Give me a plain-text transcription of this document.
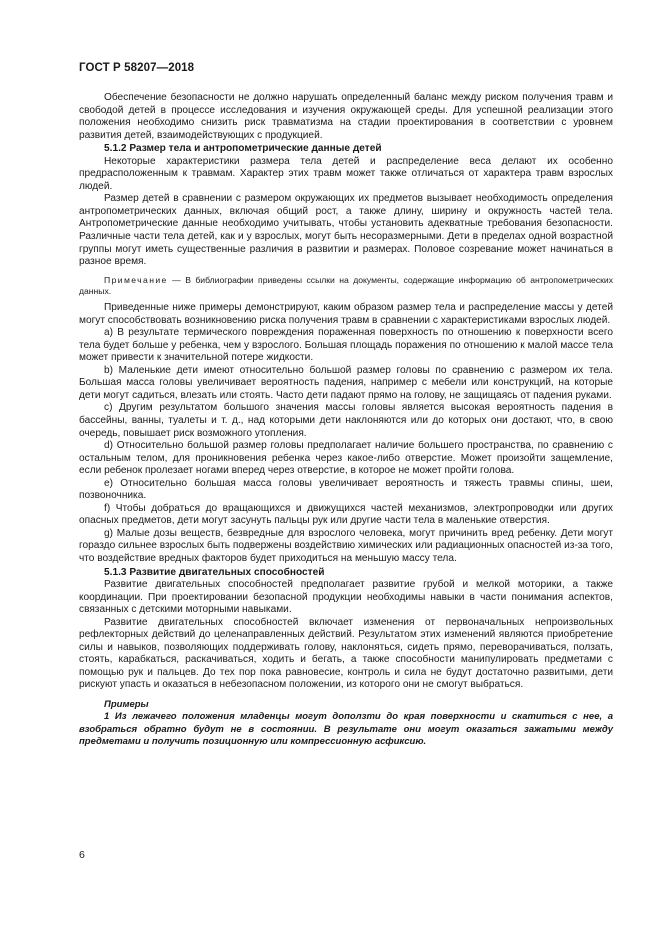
ГОСТ Р 58207—2018

Обеспечение безопасности не должно нарушать определенный баланс между риском получения травм и свободой детей в процессе исследования и изучения окружающей среды. Для успешной реализации этого положения необходимо снизить риск травматизма на стадии проектирования в соответствии с уровнем развития детей, взаимодействующих с продукцией.

5.1.2 Размер тела и антропометрические данные детей

Некоторые характеристики размера тела детей и распределение веса делают их особенно предрасположенным к травмам. Характер этих травм может также отличаться от характера травм взрослых людей.

Размер детей в сравнении с размером окружающих их предметов вызывает необходимость определения антропометрических данных, включая общий рост, а также длину, ширину и окружность частей тела. Антропометрические данные необходимо учитывать, чтобы установить адекватные требования безопасности. Различные части тела детей, как и у взрослых, могут быть несоразмерными. Дети в пределах одной возрастной группы могут иметь существенные различия в развитии и размерах. Половое созревание может начинаться в разное время.

Примечание — В библиографии приведены ссылки на документы, содержащие информацию об антропометрических данных.

Приведенные ниже примеры демонстрируют, каким образом размер тела и распределение массы у детей могут способствовать возникновению риска получения травм в сравнении с характеристиками взрослых людей.

a) В результате термического повреждения пораженная поверхность по отношению к поверхности всего тела будет больше у ребенка, чем у взрослого. Большая площадь поражения по отношению к малой массе тела может привести к значительной потере жидкости.

b) Маленькие дети имеют относительно большой размер головы по сравнению с размером их тела. Большая масса головы увеличивает вероятность падения, например с мебели или конструкций, на которые дети могут садиться, влезать или стоять. Часто дети падают прямо на голову, не защищаясь от падения руками.

c) Другим результатом большого значения массы головы является высокая вероятность падения в бассейны, ванны, туалеты и т. д., над которыми дети наклоняются или до которых они достают, что, в свою очередь, повышает риск возможного утопления.

d) Относительно большой размер головы предполагает наличие большего пространства, по сравнению с остальным телом, для проникновения ребенка через какое-либо отверстие. Может произойти защемление, если ребенок пролезает ногами вперед через отверстие, в которое не может пройти голова.

e) Относительно большая масса головы увеличивает вероятность и тяжесть травмы спины, шеи, позвоночника.

f) Чтобы добраться до вращающихся и движущихся частей механизмов, электропроводки или других опасных предметов, дети могут засунуть пальцы рук или другие части тела в маленькие отверстия.

g) Малые дозы веществ, безвредные для взрослого человека, могут причинить вред ребенку. Дети могут гораздо сильнее взрослых быть подвержены воздействию химических или радиационных опасностей из-за того, что воздействие вредных факторов будет приходиться на меньшую массу тела.

5.1.3 Развитие двигательных способностей

Развитие двигательных способностей предполагает развитие грубой и мелкой моторики, а также координации. При проектировании безопасной продукции необходимы навыки в части понимания аспектов, связанных с детскими моторными навыками.

Развитие двигательных способностей включает изменения от первоначальных непроизвольных рефлекторных действий до целенаправленных действий. Результатом этих изменений являются приобретение силы и навыков, позволяющих поддерживать голову, наклоняться, сидеть прямо, переворачиваться, ползать, стоять, карабкаться, раскачиваться, ходить и бегать, а также способности манипулировать предметами с помощью рук и пальцев. До тех пор пока равновесие, контроль и сила не будут достаточно развитыми, дети рискуют упасть и оказаться в небезопасном положении, из которого они не смогут выбраться.

Примеры

1 Из лежачего положения младенцы могут доползти до края поверхности и скатиться с нее, а взобраться обратно будут не в состоянии. В результате они могут оказаться зажатыми между предметами и получить позиционную или компрессионную асфиксию.

6
